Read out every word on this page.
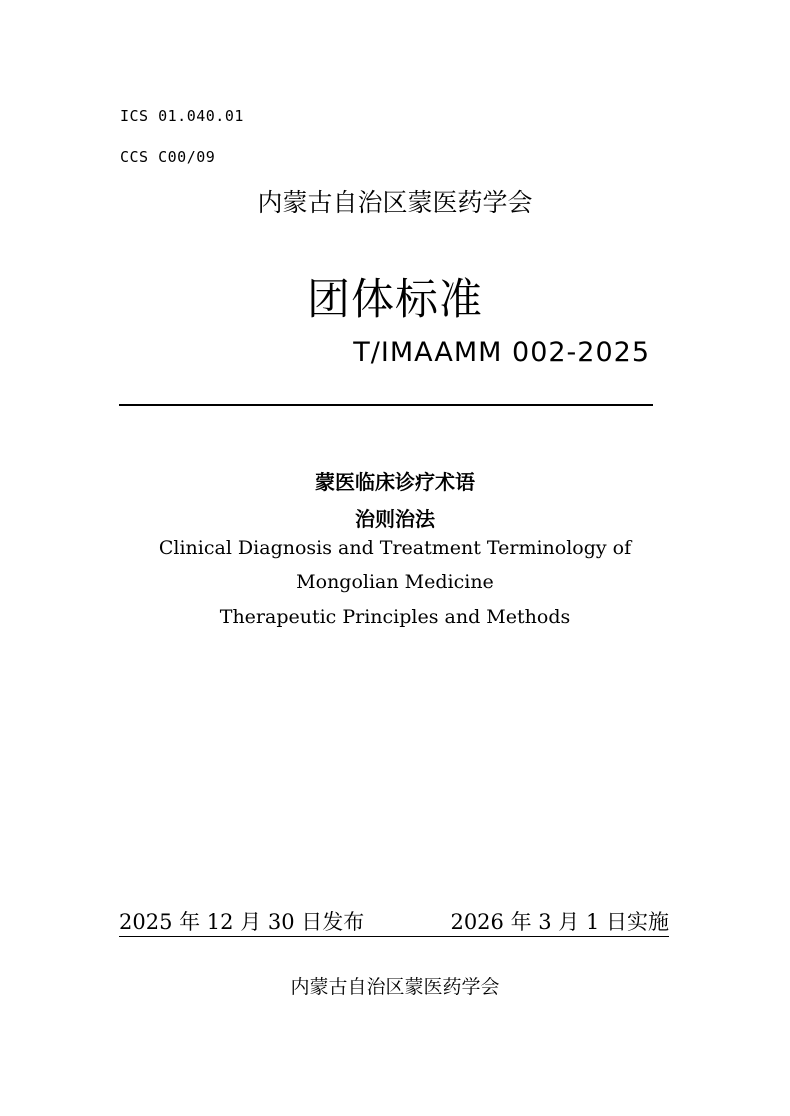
ICS 01.040.01
CCS C00/09
内蒙古自治区蒙医药学会
团体标准
T/IMAAMM 002-2025
蒙医临床诊疗术语
治则治法
Clinical Diagnosis and Treatment Terminology of
Mongolian Medicine
Therapeutic Principles and Methods
2025 年 12 月 30 日发布	2026 年 3 月 1 日实施
内蒙古自治区蒙医药学会
